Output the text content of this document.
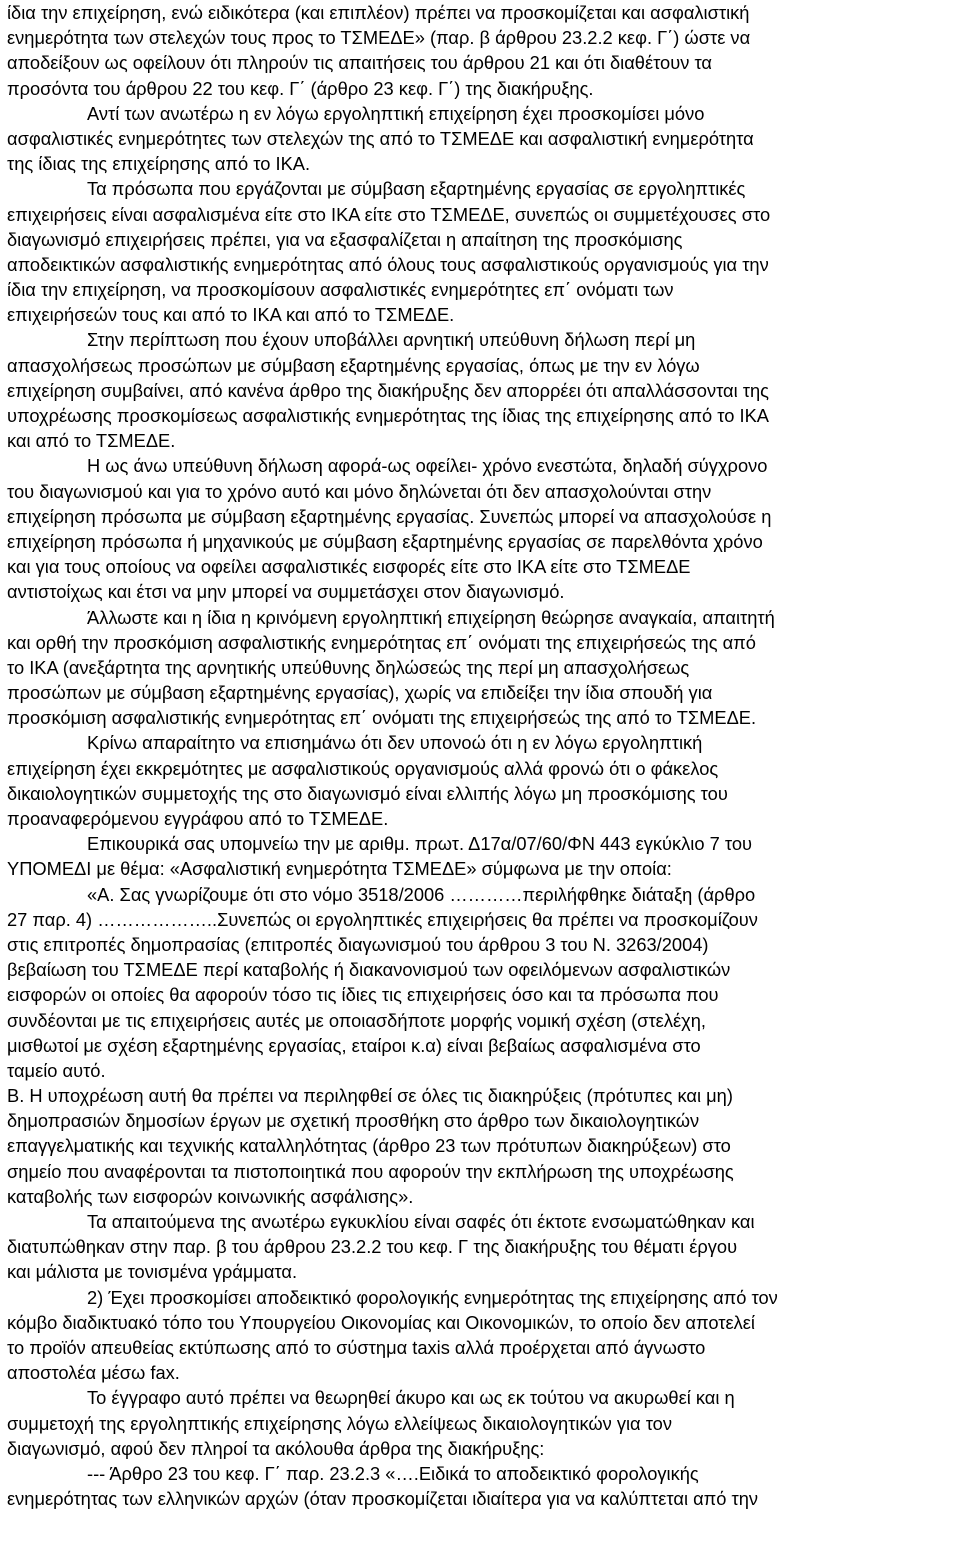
ίδια την επιχείρηση, ενώ ειδικότερα (και επιπλέον) πρέπει να προσκομίζεται και ασφαλιστική
ενημερότητα των στελεχών τους προς το ΤΣΜΕΔΕ» (παρ. β άρθρου 23.2.2 κεφ. Γ΄) ώστε να
αποδείξουν ως οφείλουν ότι πληρούν τις απαιτήσεις του άρθρου 21 και ότι διαθέτουν τα
προσόντα του άρθρου 22 του κεφ. Γ΄ (άρθρο 23 κεφ. Γ΄) της διακήρυξης.
Αντί των ανωτέρω η εν λόγω εργοληπτική επιχείρηση έχει προσκομίσει μόνο
ασφαλιστικές ενημερότητες των στελεχών της από το ΤΣΜΕΔΕ και ασφαλιστική ενημερότητα
της ίδιας της επιχείρησης από το ΙΚΑ.
Τα πρόσωπα που εργάζονται με σύμβαση εξαρτημένης εργασίας σε εργοληπτικές
επιχειρήσεις είναι ασφαλισμένα είτε στο ΙΚΑ είτε στο ΤΣΜΕΔΕ, συνεπώς οι συμμετέχουσες στο
διαγωνισμό επιχειρήσεις πρέπει, για να εξασφαλίζεται η απαίτηση της προσκόμισης
αποδεικτικών ασφαλιστικής ενημερότητας από όλους τους ασφαλιστικούς οργανισμούς για την
ίδια την επιχείρηση, να προσκομίσουν ασφαλιστικές ενημερότητες επ΄ ονόματι των
επιχειρήσεών τους και από το ΙΚΑ και από το ΤΣΜΕΔΕ.
Στην περίπτωση που έχουν υποβάλλει αρνητική υπεύθυνη δήλωση περί μη
απασχολήσεως προσώπων με σύμβαση εξαρτημένης εργασίας, όπως με την εν λόγω
επιχείρηση συμβαίνει, από κανένα άρθρο της διακήρυξης δεν απορρέει ότι απαλλάσσονται της
υποχρέωσης προσκομίσεως ασφαλιστικής ενημερότητας της ίδιας της επιχείρησης από το ΙΚΑ
και από το ΤΣΜΕΔΕ.
Η ως άνω υπεύθυνη δήλωση αφορά-ως οφείλει- χρόνο ενεστώτα, δηλαδή σύγχρονο
του διαγωνισμού και για το χρόνο αυτό και μόνο δηλώνεται ότι δεν απασχολούνται στην
επιχείρηση πρόσωπα με σύμβαση εξαρτημένης εργασίας. Συνεπώς μπορεί να απασχολούσε η
επιχείρηση πρόσωπα ή μηχανικούς με σύμβαση εξαρτημένης εργασίας σε παρελθόντα χρόνο
και για τους οποίους να οφείλει ασφαλιστικές εισφορές είτε στο ΙΚΑ είτε στο ΤΣΜΕΔΕ
αντιστοίχως και έτσι να μην μπορεί να συμμετάσχει στον διαγωνισμό.
Άλλωστε και η ίδια η κρινόμενη εργοληπτική επιχείρηση θεώρησε αναγκαία, απαιτητή
και ορθή την προσκόμιση ασφαλιστικής ενημερότητας επ΄ ονόματι της επιχειρήσεώς της από
το ΙΚΑ (ανεξάρτητα της αρνητικής υπεύθυνης δηλώσεώς της περί μη απασχολήσεως
προσώπων με σύμβαση εξαρτημένης εργασίας), χωρίς να επιδείξει την ίδια σπουδή για
προσκόμιση ασφαλιστικής ενημερότητας επ΄ ονόματι της επιχειρήσεώς της από το ΤΣΜΕΔΕ.
Κρίνω απαραίτητο να επισημάνω ότι δεν υπονοώ ότι η εν λόγω εργοληπτική
επιχείρηση έχει εκκρεμότητες με ασφαλιστικούς οργανισμούς αλλά φρονώ ότι ο φάκελος
δικαιολογητικών συμμετοχής της στο διαγωνισμό είναι ελλιπής λόγω μη προσκόμισης του
προαναφερόμενου εγγράφου από το ΤΣΜΕΔΕ.
Επικουρικά σας υπομνείω την με αριθμ. πρωτ. Δ17α/07/60/ΦΝ 443 εγκύκλιο 7 του
ΥΠΟΜΕΔΙ με θέμα: «Ασφαλιστική ενημερότητα ΤΣΜΕΔΕ» σύμφωνα με την οποία:
«Α. Σας γνωρίζουμε ότι στο νόμο 3518/2006 …………περιλήφθηκε διάταξη (άρθρο
27 παρ. 4) ………………..Συνεπώς οι εργοληπτικές επιχειρήσεις θα πρέπει να προσκομίζουν
στις επιτροπές δημοπρασίας (επιτροπές διαγωνισμού του άρθρου 3 του Ν. 3263/2004)
βεβαίωση του ΤΣΜΕΔΕ περί καταβολής ή διακανονισμού των οφειλόμενων ασφαλιστικών
εισφορών οι οποίες θα αφορούν τόσο τις ίδιες τις επιχειρήσεις όσο και τα πρόσωπα που
συνδέονται με τις επιχειρήσεις αυτές με οποιασδήποτε μορφής νομική σχέση (στελέχη,
μισθωτοί με σχέση εξαρτημένης εργασίας, εταίροι κ.α) είναι βεβαίως ασφαλισμένα στο
ταμείο αυτό.
Β. Η υποχρέωση αυτή θα πρέπει να περιληφθεί σε όλες τις διακηρύξεις (πρότυπες και μη)
δημοπρασιών δημοσίων έργων με σχετική προσθήκη στο άρθρο των δικαιολογητικών
επαγγελματικής και τεχνικής καταλληλότητας (άρθρο 23 των πρότυπων διακηρύξεων) στο
σημείο που αναφέρονται τα πιστοποιητικά που αφορούν την εκπλήρωση της υποχρέωσης
καταβολής των εισφορών κοινωνικής ασφάλισης».
Τα απαιτούμενα της ανωτέρω εγκυκλίου είναι σαφές ότι έκτοτε ενσωματώθηκαν και
διατυπώθηκαν στην παρ. β του άρθρου 23.2.2 του κεφ. Γ της διακήρυξης του θέματι έργου
και μάλιστα με τονισμένα γράμματα.
2) Έχει προσκομίσει αποδεικτικό φορολογικής ενημερότητας της επιχείρησης από τον
κόμβο διαδικτυακό τόπο του Υπουργείου Οικονομίας και Οικονομικών, το οποίο δεν αποτελεί
το προϊόν απευθείας εκτύπωσης από το σύστημα taxis αλλά προέρχεται από άγνωστο
αποστολέα μέσω fax.
Το έγγραφο αυτό πρέπει να θεωρηθεί άκυρο και ως εκ τούτου να ακυρωθεί και η
συμμετοχή της εργοληπτικής επιχείρησης λόγω ελλείψεως δικαιολογητικών για τον
διαγωνισμό, αφού δεν πληροί τα ακόλουθα άρθρα της διακήρυξης:
--- Άρθρο 23 του κεφ. Γ΄ παρ. 23.2.3 «….Ειδικά το αποδεικτικό φορολογικής
ενημερότητας των ελληνικών αρχών (όταν προσκομίζεται ιδιαίτερα για να καλύπτεται από την
